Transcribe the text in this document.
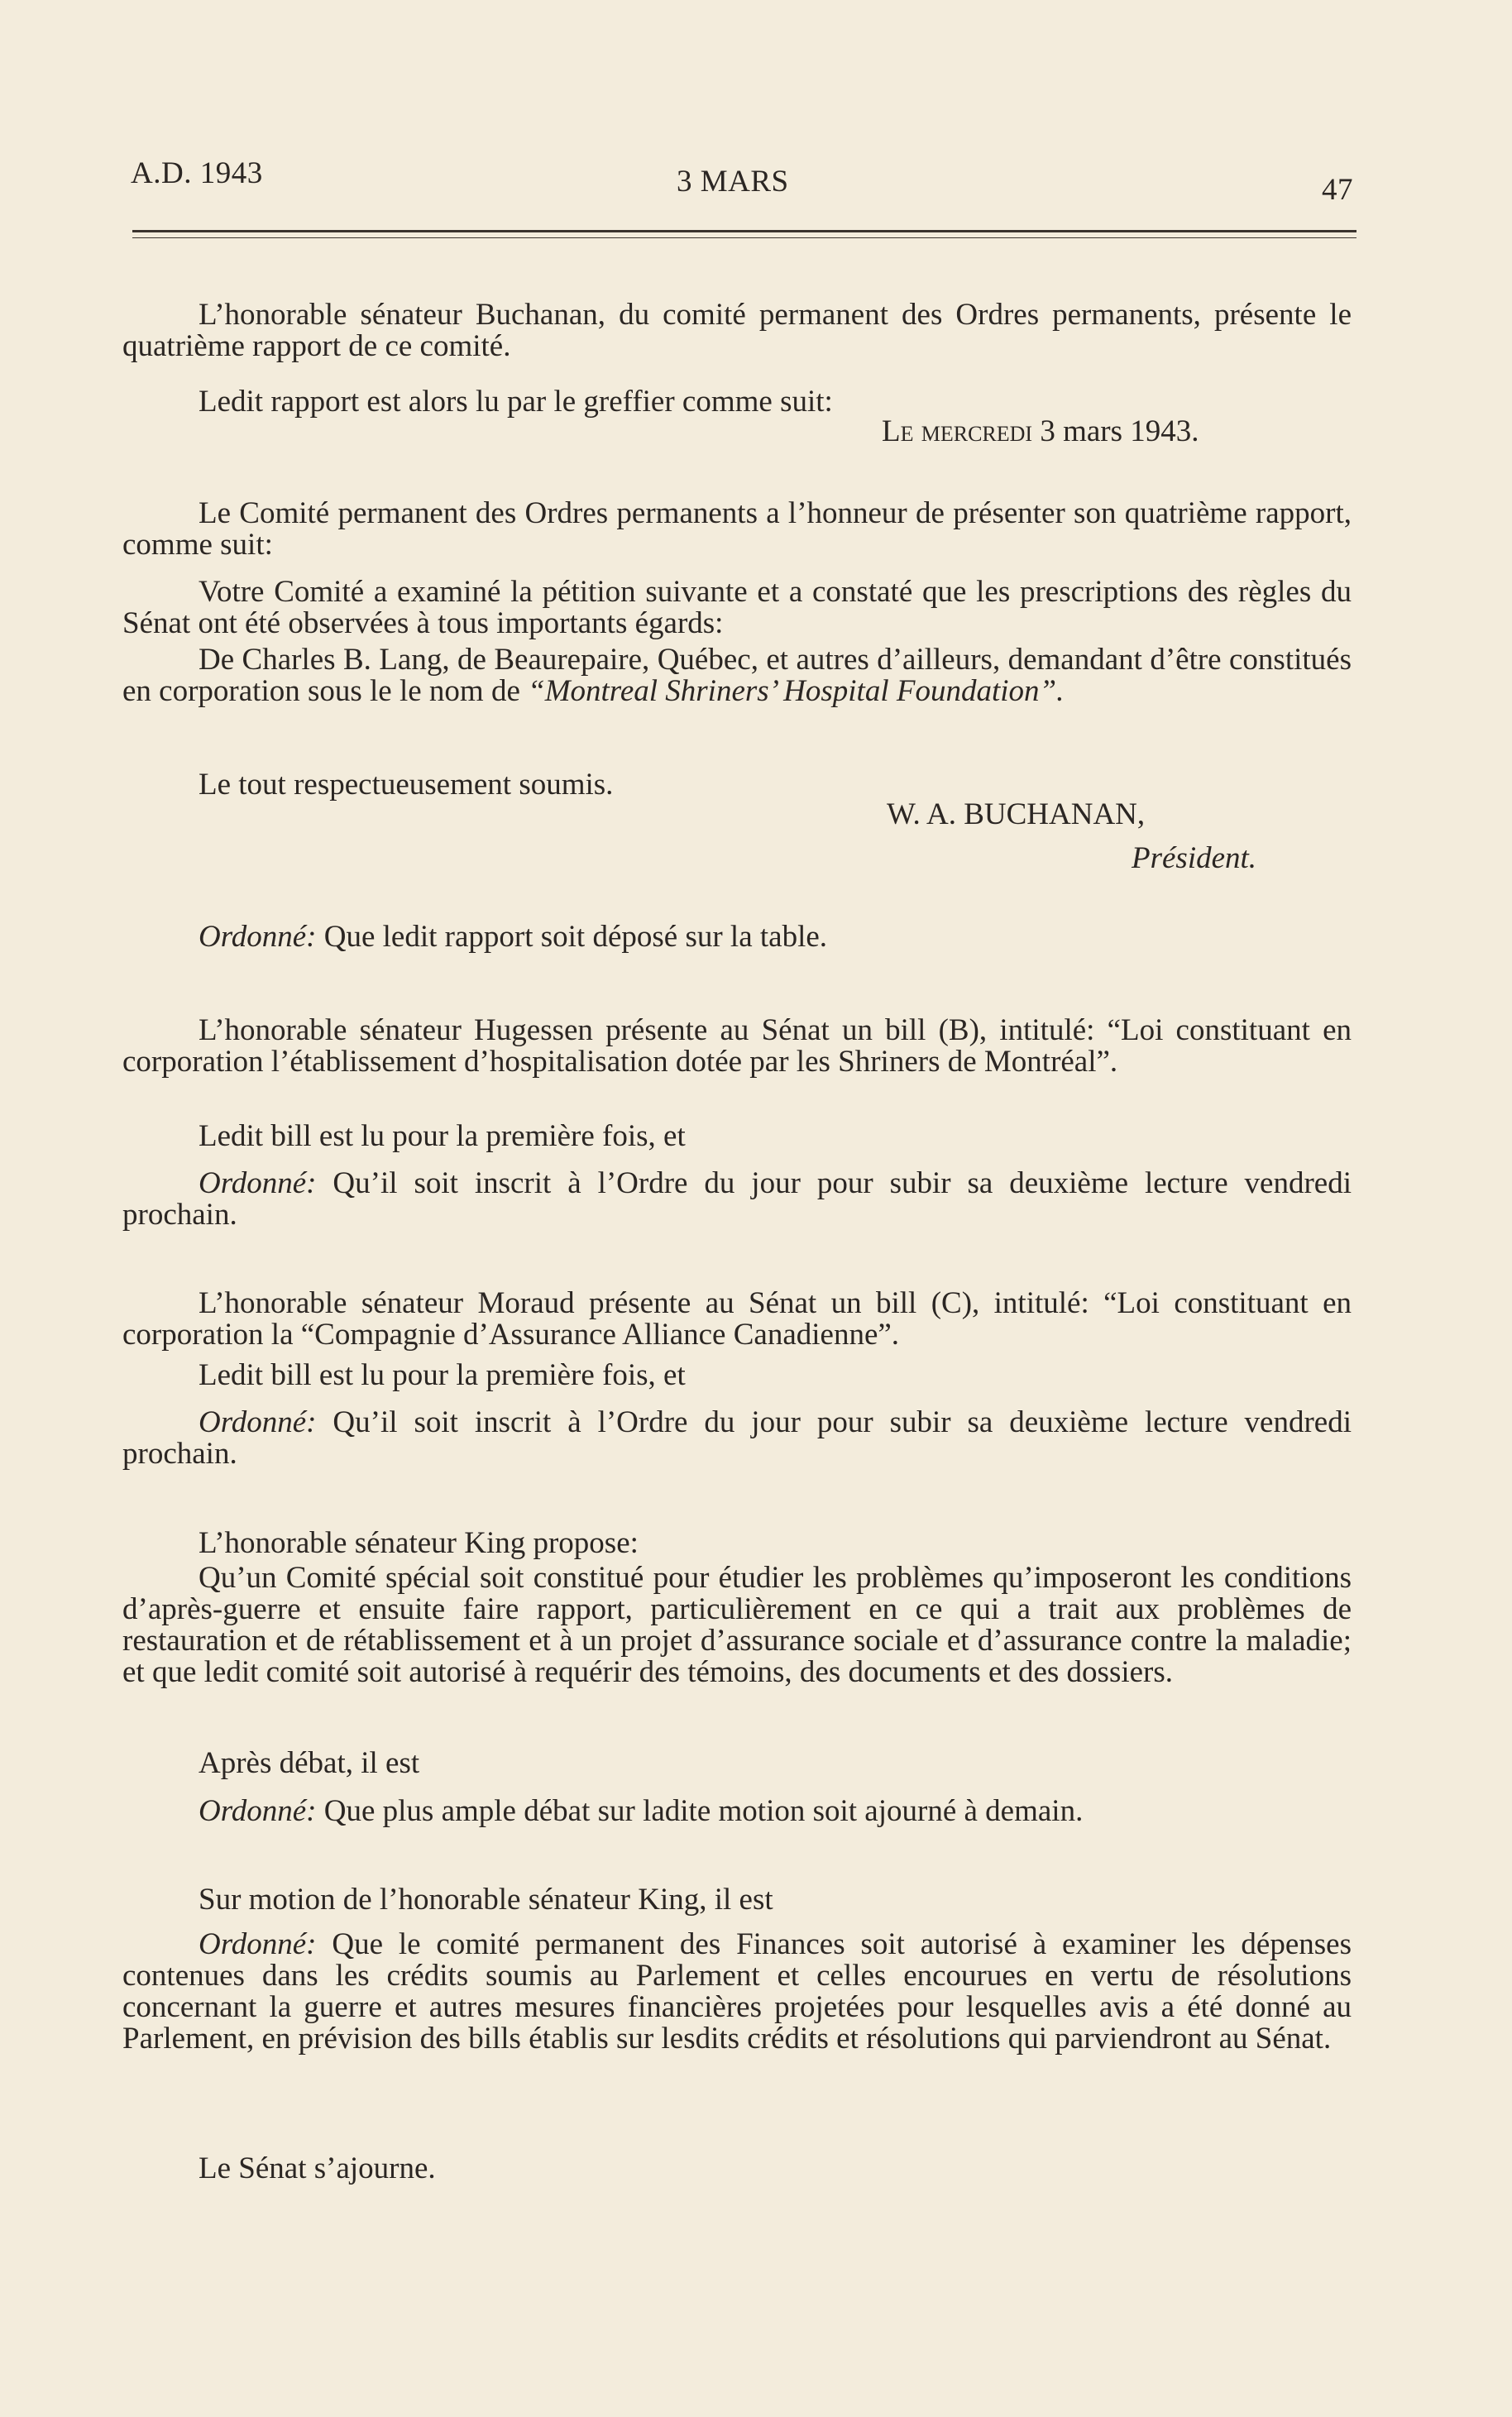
A.D. 1943	3 MARS	47

L’honorable sénateur Buchanan, du comité permanent des Ordres permanents, présente le quatrième rapport de ce comité.

Ledit rapport est alors lu par le greffier comme suit:

Le mercredi 3 mars 1943.

Le Comité permanent des Ordres permanents a l’honneur de présenter son quatrième rapport, comme suit:

Votre Comité a examiné la pétition suivante et a constaté que les prescriptions des règles du Sénat ont été observées à tous importants égards:

De Charles B. Lang, de Beaurepaire, Québec, et autres d’ailleurs, demandant d’être constitués en corporation sous le le nom de “Montreal Shriners’ Hospital Foundation”.

Le tout respectueusement soumis.

W. A. BUCHANAN,
Président.

Ordonné: Que ledit rapport soit déposé sur la table.

L’honorable sénateur Hugessen présente au Sénat un bill (B), intitulé: “Loi constituant en corporation l’établissement d’hospitalisation dotée par les Shriners de Montréal”.

Ledit bill est lu pour la première fois, et

Ordonné: Qu’il soit inscrit à l’Ordre du jour pour subir sa deuxième lecture vendredi prochain.

L’honorable sénateur Moraud présente au Sénat un bill (C), intitulé: “Loi constituant en corporation la “Compagnie d’Assurance Alliance Canadienne”.

Ledit bill est lu pour la première fois, et

Ordonné: Qu’il soit inscrit à l’Ordre du jour pour subir sa deuxième lecture vendredi prochain.

L’honorable sénateur King propose:

Qu’un Comité spécial soit constitué pour étudier les problèmes qu’imposeront les conditions d’après-guerre et ensuite faire rapport, particulièrement en ce qui a trait aux problèmes de restauration et de rétablissement et à un projet d’assurance sociale et d’assurance contre la maladie; et que ledit comité soit autorisé à requérir des témoins, des documents et des dossiers.

Après débat, il est

Ordonné: Que plus ample débat sur ladite motion soit ajourné à demain.

Sur motion de l’honorable sénateur King, il est

Ordonné: Que le comité permanent des Finances soit autorisé à examiner les dépenses contenues dans les crédits soumis au Parlement et celles encourues en vertu de résolutions concernant la guerre et autres mesures financières projetées pour lesquelles avis a été donné au Parlement, en prévision des bills établis sur lesdits crédits et résolutions qui parviendront au Sénat.

Le Sénat s’ajourne.
